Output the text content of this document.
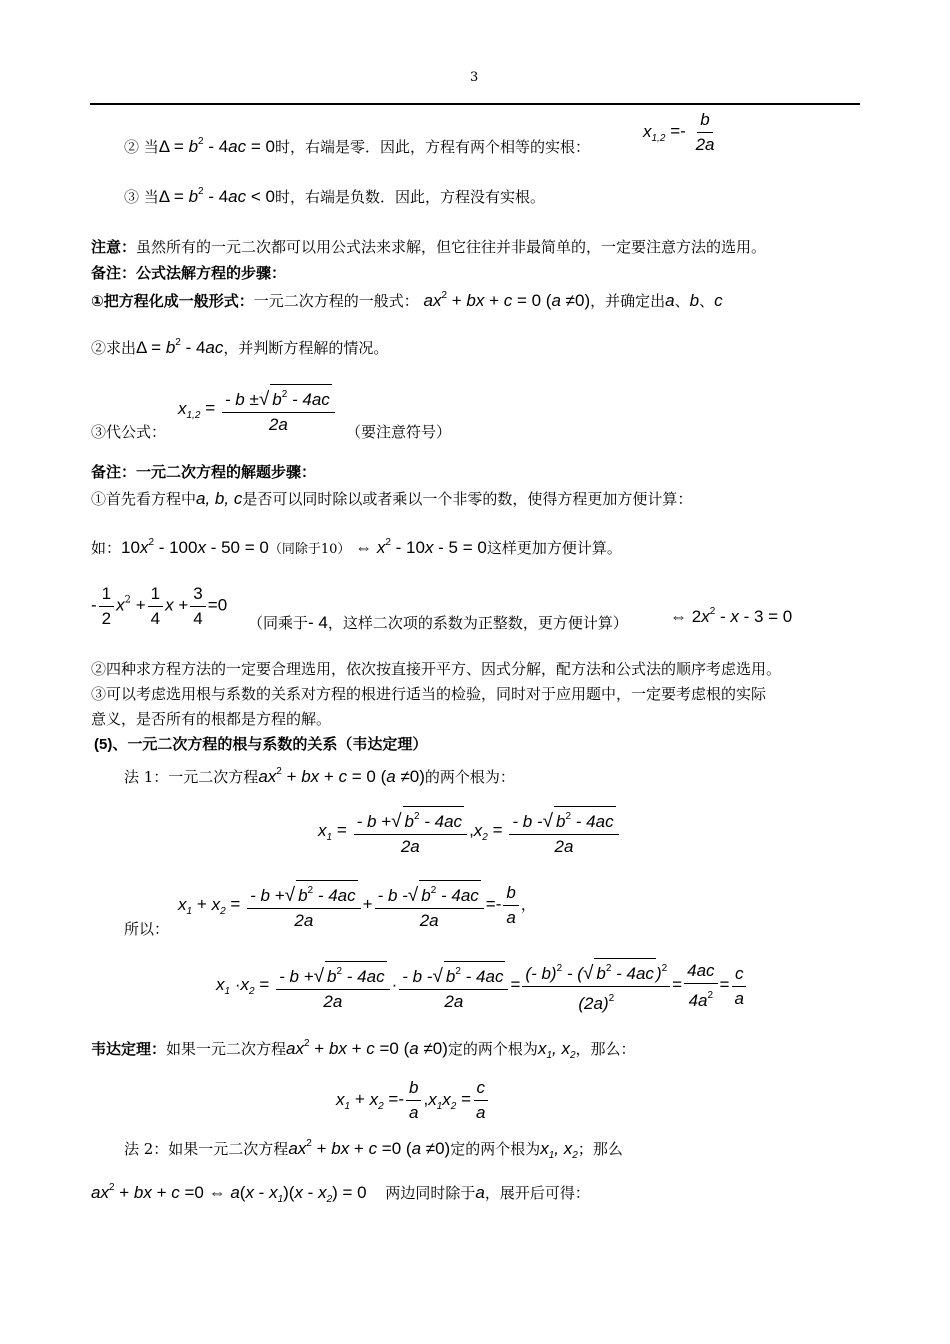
3
② 当$\Delta = b^2 - 4ac = 0$时，右端是零．因此，方程有两个相等的实根：
$x_{1,2} =- \frac{b}{2a}$
③ 当$\Delta = b^2 - 4ac < 0$时，右端是负数．因此，方程没有实根。
注意：虽然所有的一元二次都可以用公式法来求解，但它往往并非最简单的，一定要注意方法的选用。
备注：公式法解方程的步骤：
①把方程化成一般形式：一元二次方程的一般式： $ax^2$ + bx + c = 0 (a ≠0)，并确定出a、b、c
②求出$\Delta = b^2 - 4ac$，并判断方程解的情况。
③代公式：
$x_{1,2} = \frac{- b \pm√ b^2 - 4ac}{2a}$ （要注意符号）
备注：一元二次方程的解题步骤：
①首先看方程中a, b, c是否可以同时除以或者乘以一个非零的数，使得方程更加方便计算：
如：$10x^2 - 100x - 50 = 0$（同除于10） ⇔ $x^2 - 10x - 5 = 0$这样更加方便计算。
- $\frac{1}{2} x^2 + \frac{1}{4}$ $x + \frac{3}{4} =0$
（同乘于- 4，这样二次项的系数为正整数，更方便计算） ⇔ $2x^2 - x - 3 = 0$
②四种求方程方法的一定要合理选用，依次按直接开平方、因式分解，配方法和公式法的顺序考虑选用。
③可以考虑选用根与系数的关系对方程的根进行适当的检验，同时对于应用题中，一定要考虑根的实际
意义，是否所有的根都是方程的解。
(5)、一元二次方程的根与系数的关系（韦达定理）
法 1：一元二次方程$ax^2$ + bx + c = 0 (a ≠0)的两个根为：
$x_1 = \frac{- b +√ b^2 - 4ac}{2a} ,x_2 = \frac{- b -√ b^2 - 4ac}{2a}$
所以：
$x_1 + x_2 = \frac{- b +√ b^2 - 4ac}{2a} + \frac{- b -√ b^2 - 4ac}{2a} =- \frac{b}{a}$ ，
$x_1 \cdot x_2 = \frac{- b +√ b^2 - 4ac}{2a} \cdot \frac{- b -√ b^2 - 4ac}{2a} = \frac{(- b)^2 - (√ b^2 - 4ac )^2}{(2a)^2} = \frac{4ac}{4a^2} = \frac{c}{a}$
韦达定理：如果一元二次方程$ax^2$ + bx + c =0 (a ≠0)定的两个根为$x_1$, $x_2$，那么：
$x_1 + x_2 =- \frac{b}{a} ,x_1x_2 = \frac{c}{a}$
法 2：如果一元二次方程$ax^2$ + bx + c =0 (a ≠0)定的两个根为$x_1$, $x_2$；那么
$ax^2$ + bx + c =0 ⇔ $a(x - x_1)(x - x_2) = 0$ 两边同时除于a，展开后可得：
